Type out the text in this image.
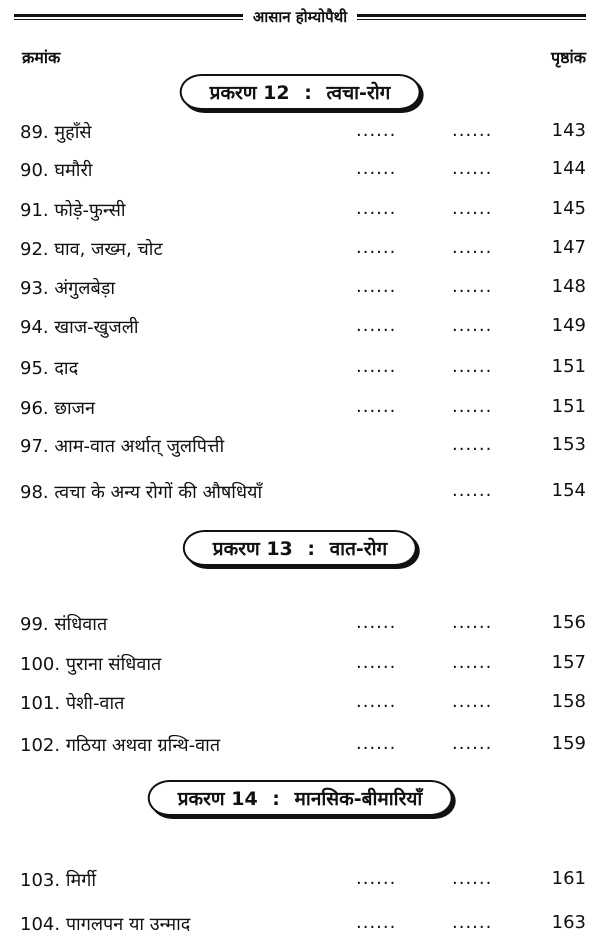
आसान होम्योपैथी
क्रमांक	पृष्ठांक
प्रकरण 12 : त्वचा-रोग
89. मुहाँसे	......	......	143
90. घमौरी	......	......	144
91. फोड़े-फुन्सी	......	......	145
92. घाव, जख्म, चोट	......	......	147
93. अंगुलबेड़ा	......	......	148
94. खाज-खुजली	......	......	149
95. दाद	......	......	151
96. छाजन	......	......	151
97. आम-वात अर्थात् जुलपित्ती	......	153
98. त्वचा के अन्य रोगों की औषधियाँ	......	154
प्रकरण 13 : वात-रोग
99. संधिवात	......	......	156
100. पुराना संधिवात	......	......	157
101. पेशी-वात	......	......	158
102. गठिया अथवा ग्रन्थि-वात	......	......	159
प्रकरण 14 : मानसिक-बीमारियाँ
103. मिर्गी	......	......	161
104. पागलपन या उन्माद	......	......	163
